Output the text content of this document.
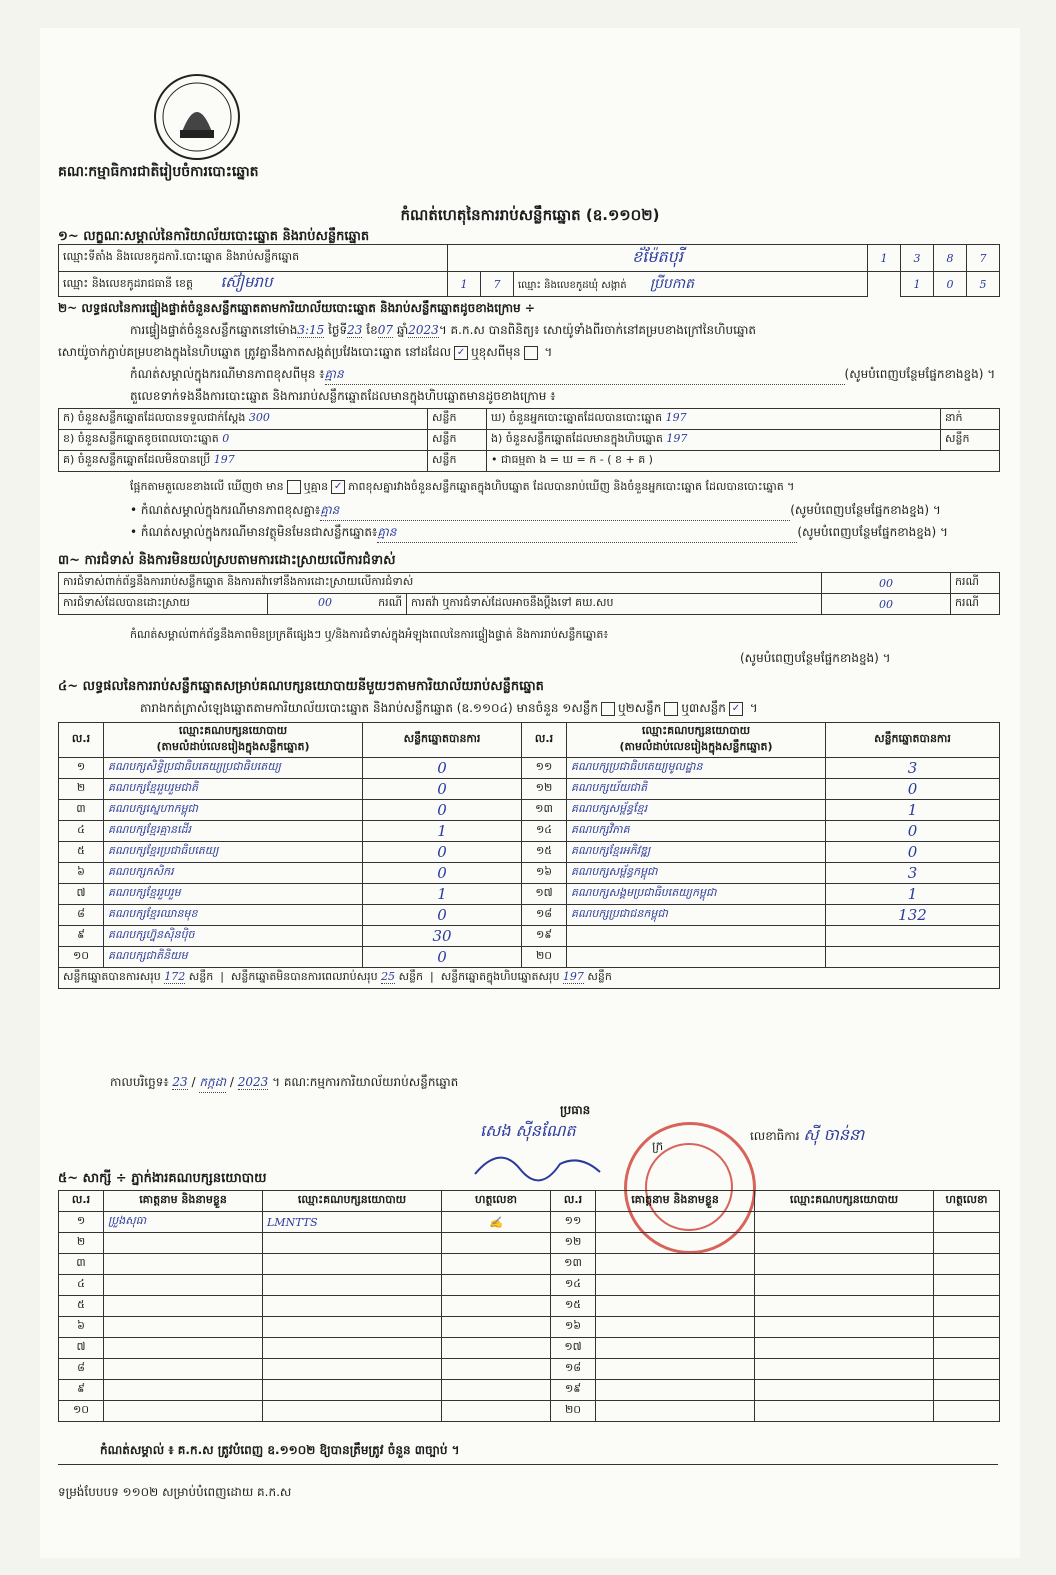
គណៈកម្មាធិការជាតិរៀបចំការបោះឆ្នោត
កំណត់ហេតុនៃការរាប់សន្លឹកឆ្នោត (ឧ.១១០២)
១~ លក្ខណៈសម្គាល់នៃការិយាល័យបោះឆ្នោត និងរាប់សន្លឹកឆ្នោត
ឈ្មោះទីតាំង និងលេខកូដការិ.បោះឆ្នោត និងរាប់សន្លឹកឆ្នោត	ខ័ម៉ែតបុរី			1	3	8	7
ឈ្មោះ និងលេខកូដរាជធានី ខេត្ត ស៊ៀមរាប	1	7	ឈ្មោះ និងលេខកូដឃុំ សង្កាត់ ប្រីបកាត		1	0	5
២~ លទ្ធផលនៃការផ្ទៀងផ្ទាត់ចំនួនសន្លឹកឆ្នោតតាមការិយាល័យបោះឆ្នោត និងរាប់សន្លឹកឆ្នោតដូចខាងក្រោម ÷
ការផ្ទៀងផ្ទាត់ចំនួនសន្លឹកឆ្នោតនៅម៉ោង3:15 ថ្ងៃទី23 ខែ07 ឆ្នាំ2023។ គ.ក.ស បានពិនិត្យ៖ សោយ៉ូទាំងពីរចាក់នៅគម្របខាងក្រៅនៃហិបឆ្នោត
សោយ៉ូចាក់ភ្ជាប់គម្របខាងក្នុងនៃហិបឆ្នោត ត្រូវគ្នានឹងកាតសង្កត់ប្រវែងបោះឆ្នោត នៅដដែល ✓ ឬខុសពីមុន ។
កំណត់សម្គាល់ក្នុងករណីមានភាពខុសពីមុន ៖គ្មាន	(សូមបំពេញបន្ថែមផ្នែកខាងខ្នង) ។
តួលេខទាក់ទងនឹងការបោះឆ្នោត និងការរាប់សន្លឹកឆ្នោតដែលមានក្នុងហិបឆ្នោតមានដូចខាងក្រោម ៖
ក) ចំនួនសន្លឹកឆ្នោតដែលបានទទួលជាក់ស្តែង 300	សន្លឹក	ឃ) ចំនួនអ្នកបោះឆ្នោតដែលបានបោះឆ្នោត 197	នាក់
ខ) ចំនួនសន្លឹកឆ្នោតខូចពេលបោះឆ្នោត 0	សន្លឹក	ង) ចំនួនសន្លឹកឆ្នោតដែលមានក្នុងហិបឆ្នោត 197	សន្លឹក
គ) ចំនួនសន្លឹកឆ្នោតដែលមិនបានប្រើ 197	សន្លឹក	• ជាធម្មតា ង = ឃ = ក - ( ខ + គ )	
ផ្អែកតាមតួលេខខាងលើ ឃើញថា មាន ឬគ្មាន ✓ ភាពខុសគ្នារវាងចំនួនសន្លឹកឆ្នោតក្នុងហិបឆ្នោត ដែលបានរាប់ឃើញ និងចំនួនអ្នកបោះឆ្នោត ដែលបានបោះឆ្នោត ។
• កំណត់សម្គាល់ក្នុងករណីមានភាពខុសគ្នា៖គ្មាន	(សូមបំពេញបន្ថែមផ្នែកខាងខ្នង) ។
• កំណត់សម្គាល់ក្នុងករណីមានវត្ថុមិនមែនជាសន្លឹកឆ្នោត៖គ្មាន	(សូមបំពេញបន្ថែមផ្នែកខាងខ្នង) ។
៣~ ការជំទាស់ និងការមិនយល់ស្របតាមការដោះស្រាយលើការជំទាស់
ការជំទាស់ពាក់ព័ន្ធនឹងការរាប់សន្លឹកឆ្នោត និងការតវ៉ាទៅនឹងការដោះស្រាយលើការជំទាស់			00	ករណី
ការជំទាស់ដែលបានដោះស្រាយ	00 ករណី	ការតវ៉ា ឬការជំទាស់ដែលអាចនឹងប្តឹងទៅ គឃ.សប	00	ករណី
កំណត់សម្គាល់ពាក់ព័ន្ធនឹងភាពមិនប្រក្រតីផ្សេងៗ ឬ/និងការជំទាស់ក្នុងអំឡុងពេលនៃការផ្ទៀងផ្ទាត់ និងការរាប់សន្លឹកឆ្នោត៖
(សូមបំពេញបន្ថែមផ្នែកខាងខ្នង) ។
៤~ លទ្ធផលនៃការរាប់សន្លឹកឆ្នោតសម្រាប់គណបក្សនយោបាយនីមួយៗតាមការិយាល័យរាប់សន្លឹកឆ្នោត
តារាងកត់ត្រាសំឡេងឆ្នោតតាមការិយាល័យបោះឆ្នោត និងរាប់សន្លឹកឆ្នោត (ឧ.១១០៤) មានចំនួន ១សន្លឹក ឬ២សន្លឹក ឬ៣សន្លឹក ✓ ។
ល.រ	ឈ្មោះគណបក្សនយោបាយ
(តាមលំដាប់លេខរៀងក្នុងសន្លឹកឆ្នោត)	សន្លឹកឆ្នោតបានការ	ល.រ	ឈ្មោះគណបក្សនយោបាយ
(តាមលំដាប់លេខរៀងក្នុងសន្លឹកឆ្នោត)	សន្លឹកឆ្នោតបានការ
១	គណបក្សសិទ្ធិប្រជាធិបតេយ្យប្រជាធិបតេយ្យ	0	១១	គណបក្សប្រជាធិបតេយ្យមូលដ្ឋាន	3
២	គណបក្សខ្មែររួបរួមជាតិ	0	១២	គណបក្សយ័យជាតិ	0
៣	គណបក្សស្នេហាកម្ពុជា	0	១៣	គណបក្សសម្ព័ន្ធខ្មែរ	1
៤	គណបក្សខ្មែរគ្មានដើរ	1	១៤	គណបក្សវិភាគ	0
៥	គណបក្សខ្មែរប្រជាធិបតេយ្យ	0	១៥	គណបក្សខ្មែរអភិវឌ្ឍ	0
៦	គណបក្សកសិករ	0	១៦	គណបក្សសម្ព័ន្ធកម្ពុជា	3
៧	គណបក្សខ្មែររួបរួម	1	១៧	គណបក្សសង្គមប្រជាធិបតេយ្យកម្ពុជា	1
៨	គណបក្សខ្មែរឈានមុខ	0	១៨	គណបក្សប្រជាជនកម្ពុជា	132
៩	គណបក្សហ្វ៊ុនស៊ិនប៉ិច	30	១៩		
១០	គណបក្សជាតិនិយម	0	២០		
សន្លឹកឆ្នោតបានការសរុប 172 សន្លឹក  |  សន្លឹកឆ្នោតមិនបានការពេលរាប់សរុប 25 សន្លឹក  |  សន្លឹកឆ្នោតក្នុងហិបឆ្នោតសរុប 197 សន្លឹក					
កាលបរិច្ឆេទ៖ 23 / កក្កដា / 2023 ។ គណៈកម្មការការិយាល័យរាប់សន្លឹកឆ្នោត
ប្រធាន
សេង ស៊ីនណែត
ក្រ
លេខាធិការ សុី ចាន់នា
៥~ សាក្សី ÷ ភ្នាក់ងារគណបក្សនយោបាយ
ល.រ	គោត្តនាម និងនាមខ្លួន	ឈ្មោះគណបក្សនយោបាយ	ហត្ថលេខា	ល.រ	គោត្តនាម និងនាមខ្លួន	ឈ្មោះគណបក្សនយោបាយ	ហត្ថលេខា
១	ប្រួងសុធា	LMNTTS	✍	១១			
២				១២			
៣				១៣			
៤				១៤			
៥				១៥			
៦				១៦			
៧				១៧			
៨				១៨			
៩				១៩			
១០				២០			
កំណត់សម្គាល់ ៖ គ.ក.ស ត្រូវបំពេញ ឧ.១១០២ ឱ្យបានត្រឹមត្រូវ ចំនួន ៣ច្បាប់ ។
ទម្រង់បែបបទ ១១០២ សម្រាប់បំពេញដោយ គ.ក.ស
